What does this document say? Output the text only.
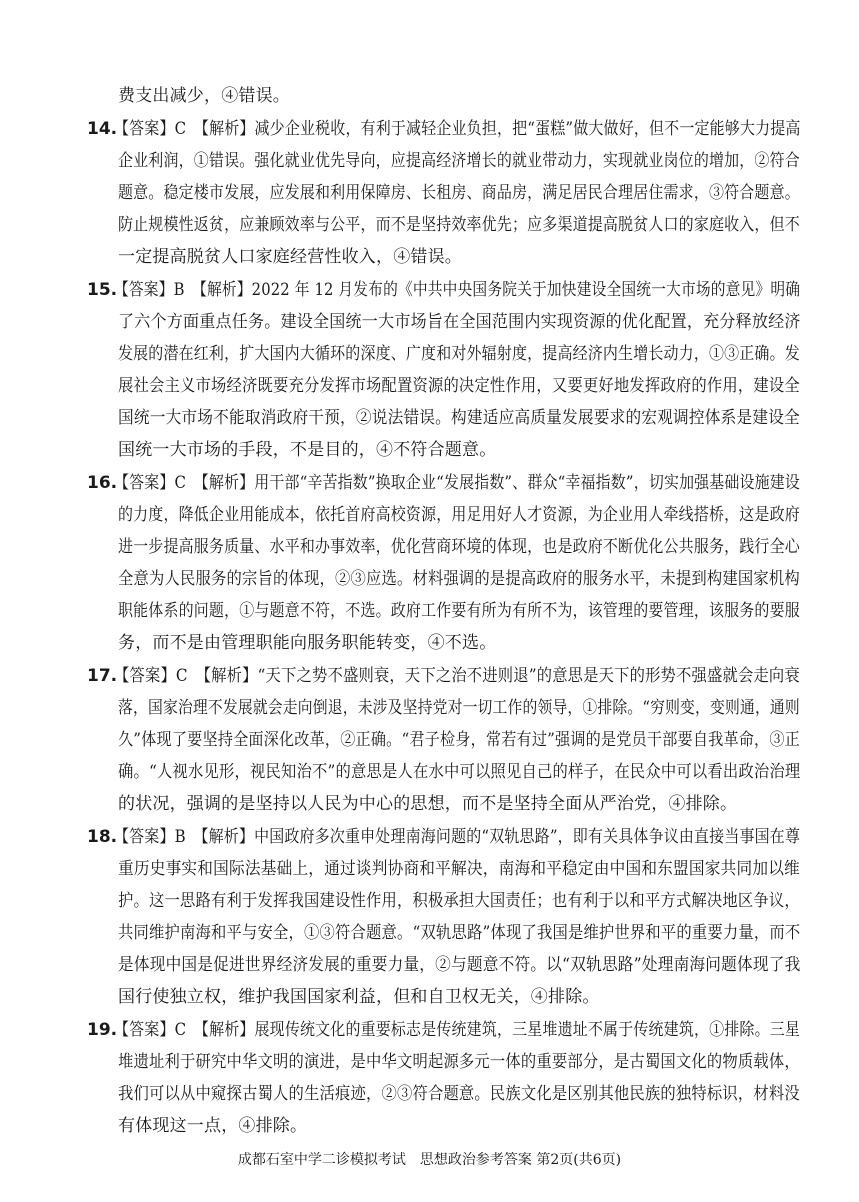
费支出减少，④错误。
14.
【答案】C　【解析】减少企业税收，有利于减轻企业负担，把“蛋糕”做大做好，但不一定能够大力提高
企业利润，①错误。强化就业优先导向，应提高经济增长的就业带动力，实现就业岗位的增加，②符合
题意。稳定楼市发展，应发展和利用保障房、长租房、商品房，满足居民合理居住需求，③符合题意。
防止规模性返贫，应兼顾效率与公平，而不是坚持效率优先；应多渠道提高脱贫人口的家庭收入，但不
一定提高脱贫人口家庭经营性收入，④错误。
15.
【答案】B　【解析】2022 年 12 月发布的《中共中央国务院关于加快建设全国统一大市场的意见》明确
了六个方面重点任务。建设全国统一大市场旨在全国范围内实现资源的优化配置，充分释放经济
发展的潜在红利，扩大国内大循环的深度、广度和对外辐射度，提高经济内生增长动力，①③正确。发
展社会主义市场经济既要充分发挥市场配置资源的决定性作用，又要更好地发挥政府的作用，建设全
国统一大市场不能取消政府干预，②说法错误。构建适应高质量发展要求的宏观调控体系是建设全
国统一大市场的手段，不是目的，④不符合题意。
16.
【答案】C　【解析】用干部“辛苦指数”换取企业“发展指数”、群众“幸福指数”，切实加强基础设施建设
的力度，降低企业用能成本，依托首府高校资源，用足用好人才资源，为企业用人牵线搭桥，这是政府
进一步提高服务质量、水平和办事效率，优化营商环境的体现，也是政府不断优化公共服务，践行全心
全意为人民服务的宗旨的体现，②③应选。材料强调的是提高政府的服务水平，未提到构建国家机构
职能体系的问题，①与题意不符，不选。政府工作要有所为有所不为，该管理的要管理，该服务的要服
务，而不是由管理职能向服务职能转变，④不选。
17.
【答案】C　【解析】“天下之势不盛则衰，天下之治不进则退”的意思是天下的形势不强盛就会走向衰
落，国家治理不发展就会走向倒退，未涉及坚持党对一切工作的领导，①排除。“穷则变，变则通，通则
久”体现了要坚持全面深化改革，②正确。“君子检身，常若有过”强调的是党员干部要自我革命，③正
确。“人视水见形，视民知治不”的意思是人在水中可以照见自己的样子，在民众中可以看出政治治理
的状况，强调的是坚持以人民为中心的思想，而不是坚持全面从严治党，④排除。
18.
【答案】B　【解析】中国政府多次重申处理南海问题的“双轨思路”，即有关具体争议由直接当事国在尊
重历史事实和国际法基础上，通过谈判协商和平解决，南海和平稳定由中国和东盟国家共同加以维
护。这一思路有利于发挥我国建设性作用，积极承担大国责任；也有利于以和平方式解决地区争议，
共同维护南海和平与安全，①③符合题意。“双轨思路”体现了我国是维护世界和平的重要力量，而不
是体现中国是促进世界经济发展的重要力量，②与题意不符。以“双轨思路”处理南海问题体现了我
国行使独立权，维护我国国家利益，但和自卫权无关，④排除。
19.
【答案】C　【解析】展现传统文化的重要标志是传统建筑，三星堆遗址不属于传统建筑，①排除。三星
堆遗址利于研究中华文明的演进，是中华文明起源多元一体的重要部分，是古蜀国文化的物质载体，
我们可以从中窥探古蜀人的生活痕迹，②③符合题意。民族文化是区别其他民族的独特标识，材料没
有体现这一点，④排除。
成都石室中学二诊模拟考试　思想政治参考答案 第2页(共6页)
